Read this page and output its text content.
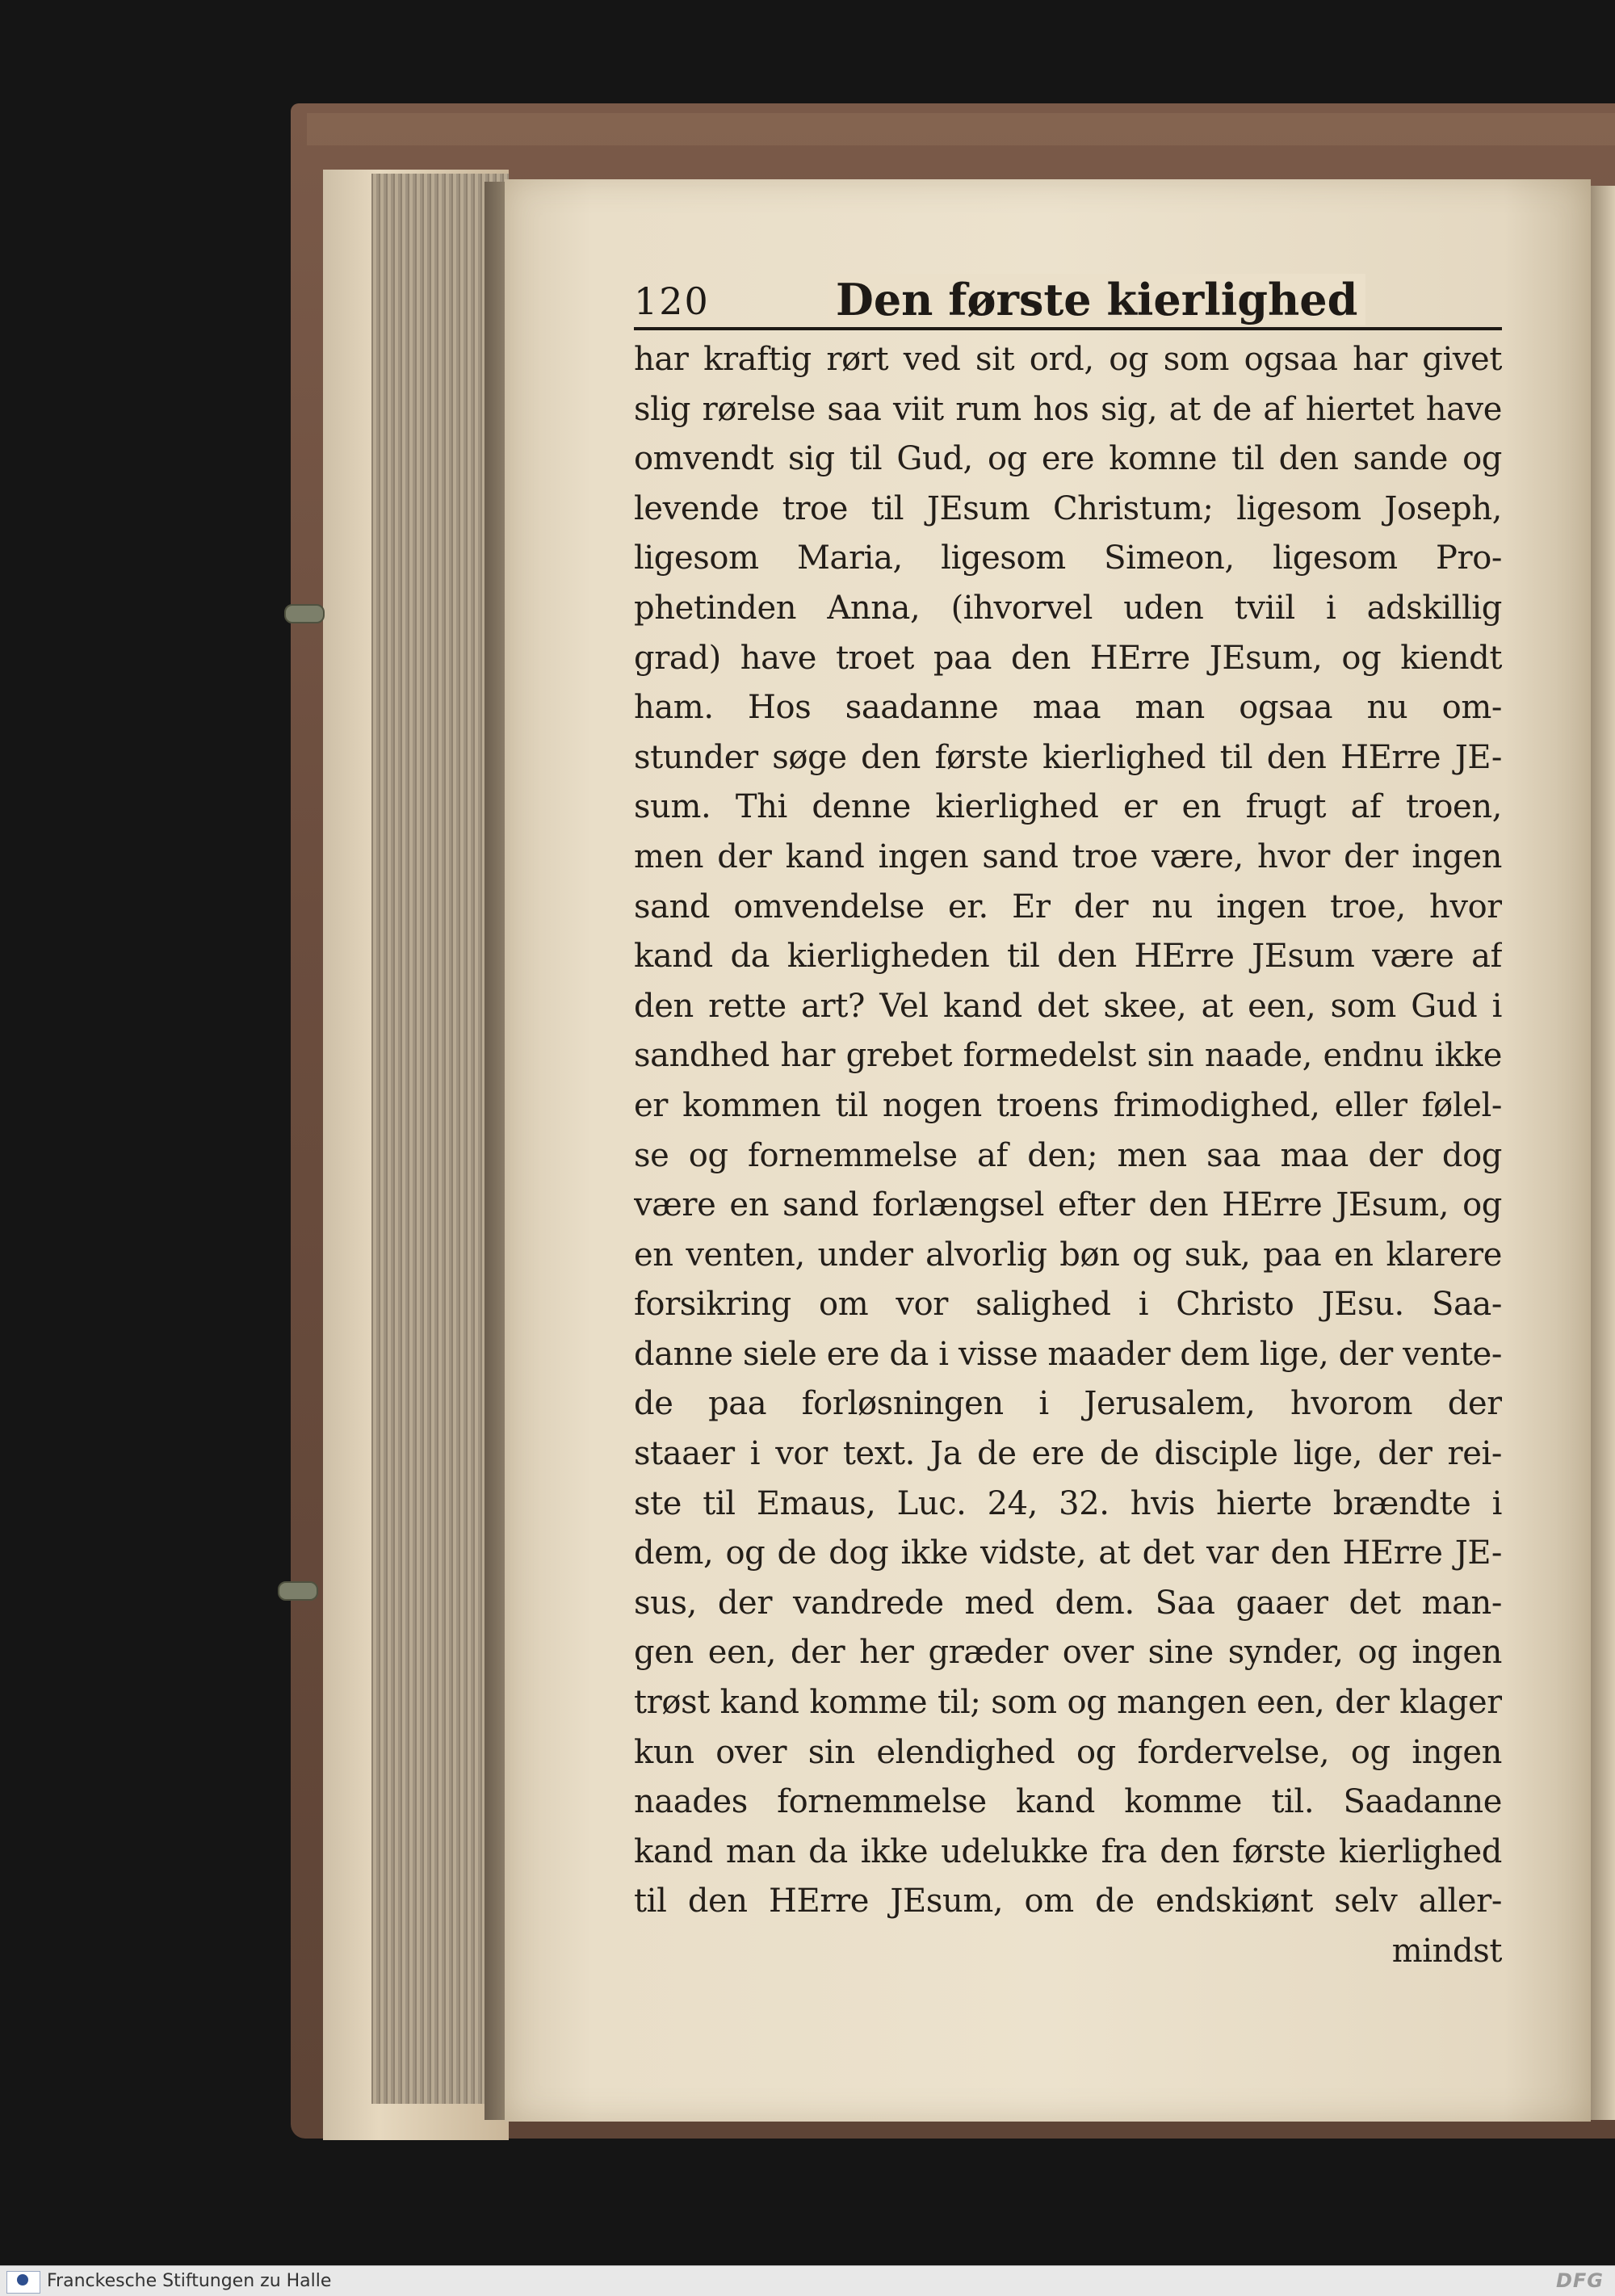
120	Den første kierlighed
har kraftig rørt ved sit ord, og som ogsaa har givet
slig rørelse saa viit rum hos sig, at de af hiertet have
omvendt sig til Gud, og ere komne til den sande og
levende troe til JEsum Christum; ligesom Joseph,
ligesom Maria, ligesom Simeon, ligesom Pro-
phetinden Anna, (ihvorvel uden tviil i adskillig
grad) have troet paa den HErre JEsum, og kiendt
ham. Hos saadanne maa man ogsaa nu om-
stunder søge den første kierlighed til den HErre JE-
sum. Thi denne kierlighed er en frugt af troen,
men der kand ingen sand troe være, hvor der ingen
sand omvendelse er. Er der nu ingen troe, hvor
kand da kierligheden til den HErre JEsum være af
den rette art? Vel kand det skee, at een, som Gud i
sandhed har grebet formedelst sin naade, endnu ikke
er kommen til nogen troens frimodighed, eller følel-
se og fornemmelse af den; men saa maa der dog
være en sand forlængsel efter den HErre JEsum, og
en venten, under alvorlig bøn og suk, paa en klarere
forsikring om vor salighed i Christo JEsu. Saa-
danne siele ere da i visse maader dem lige, der vente-
de paa forløsningen i Jerusalem, hvorom der
staaer i vor text. Ja de ere de disciple lige, der rei-
ste til Emaus, Luc. 24, 32. hvis hierte brændte i
dem, og de dog ikke vidste, at det var den HErre JE-
sus, der vandrede med dem. Saa gaaer det man-
gen een, der her græder over sine synder, og ingen
trøst kand komme til; som og mangen een, der klager
kun over sin elendighed og fordervelse, og ingen
naades fornemmelse kand komme til. Saadanne
kand man da ikke udelukke fra den første kierlighed
til den HErre JEsum, om de endskiønt selv aller-
mindst
Franckesche Stiftungen zu Halle	DFG
